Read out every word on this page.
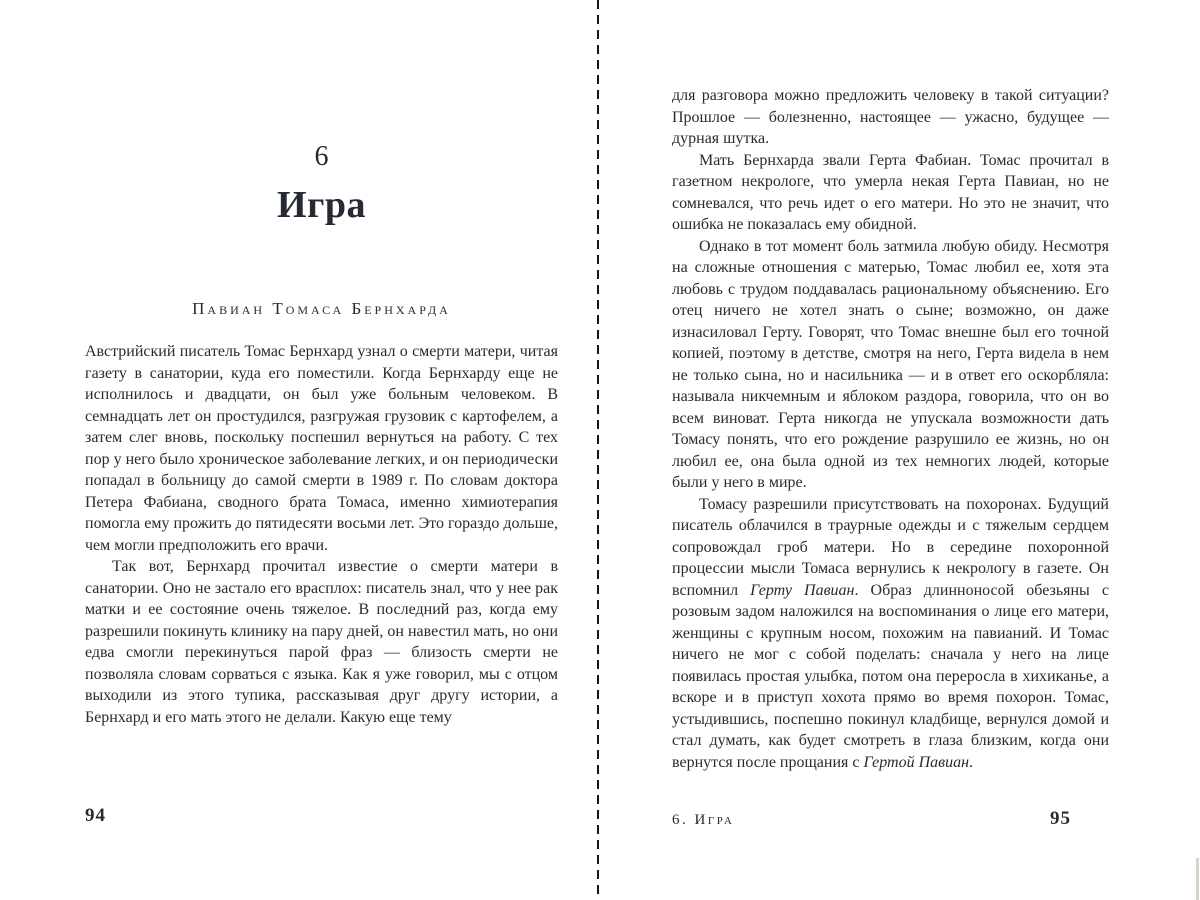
6
Игра
Павиан Томаса Бернхарда

Австрийский писатель Томас Бернхард узнал о смерти матери, читая газету в санатории, куда его поместили. Когда Бернхарду еще не исполнилось и двадцати, он был уже больным человеком. В семнадцать лет он простудился, разгружая грузовик с картофелем, а затем слег вновь, поскольку поспешил вернуться на работу. С тех пор у него было хроническое заболевание легких, и он периодически попадал в больницу до самой смерти в 1989 г. По словам доктора Петера Фабиана, сводного брата Томаса, именно химиотерапия помогла ему прожить до пятидесяти восьми лет. Это гораздо дольше, чем могли предположить его врачи.

Так вот, Бернхард прочитал известие о смерти матери в санатории. Оно не застало его врасплох: писатель знал, что у нее рак матки и ее состояние очень тяжелое. В последний раз, когда ему разрешили покинуть клинику на пару дней, он навестил мать, но они едва смогли перекинуться парой фраз — близость смерти не позволяла словам сорваться с языка. Как я уже говорил, мы с отцом выходили из этого тупика, рассказывая друг другу истории, а Бернхард и его мать этого не делали. Какую еще тему

94

для разговора можно предложить человеку в такой ситуации? Прошлое — болезненно, настоящее — ужасно, будущее — дурная шутка.

Мать Бернхарда звали Герта Фабиан. Томас прочитал в газетном некрологе, что умерла некая Герта Павиан, но не сомневался, что речь идет о его матери. Но это не значит, что ошибка не показалась ему обидной.

Однако в тот момент боль затмила любую обиду. Несмотря на сложные отношения с матерью, Томас любил ее, хотя эта любовь с трудом поддавалась рациональному объяснению. Его отец ничего не хотел знать о сыне; возможно, он даже изнасиловал Герту. Говорят, что Томас внешне был его точной копией, поэтому в детстве, смотря на него, Герта видела в нем не только сына, но и насильника — и в ответ его оскорбляла: называла никчемным и яблоком раздора, говорила, что он во всем виноват. Герта никогда не упускала возможности дать Томасу понять, что его рождение разрушило ее жизнь, но он любил ее, она была одной из тех немногих людей, которые были у него в мире.

Томасу разрешили присутствовать на похоронах. Будущий писатель облачился в траурные одежды и с тяжелым сердцем сопровождал гроб матери. Но в середине похоронной процессии мысли Томаса вернулись к некрологу в газете. Он вспомнил Герту Павиан. Образ длинноносой обезьяны с розовым задом наложился на воспоминания о лице его матери, женщины с крупным носом, похожим на павианий. И Томас ничего не мог с собой поделать: сначала у него на лице появилась простая улыбка, потом она переросла в хихиканье, а вскоре и в приступ хохота прямо во время похорон. Томас, устыдившись, поспешно покинул кладбище, вернулся домой и стал думать, как будет смотреть в глаза близким, когда они вернутся после прощания с Гертой Павиан.

6. Игра	95
